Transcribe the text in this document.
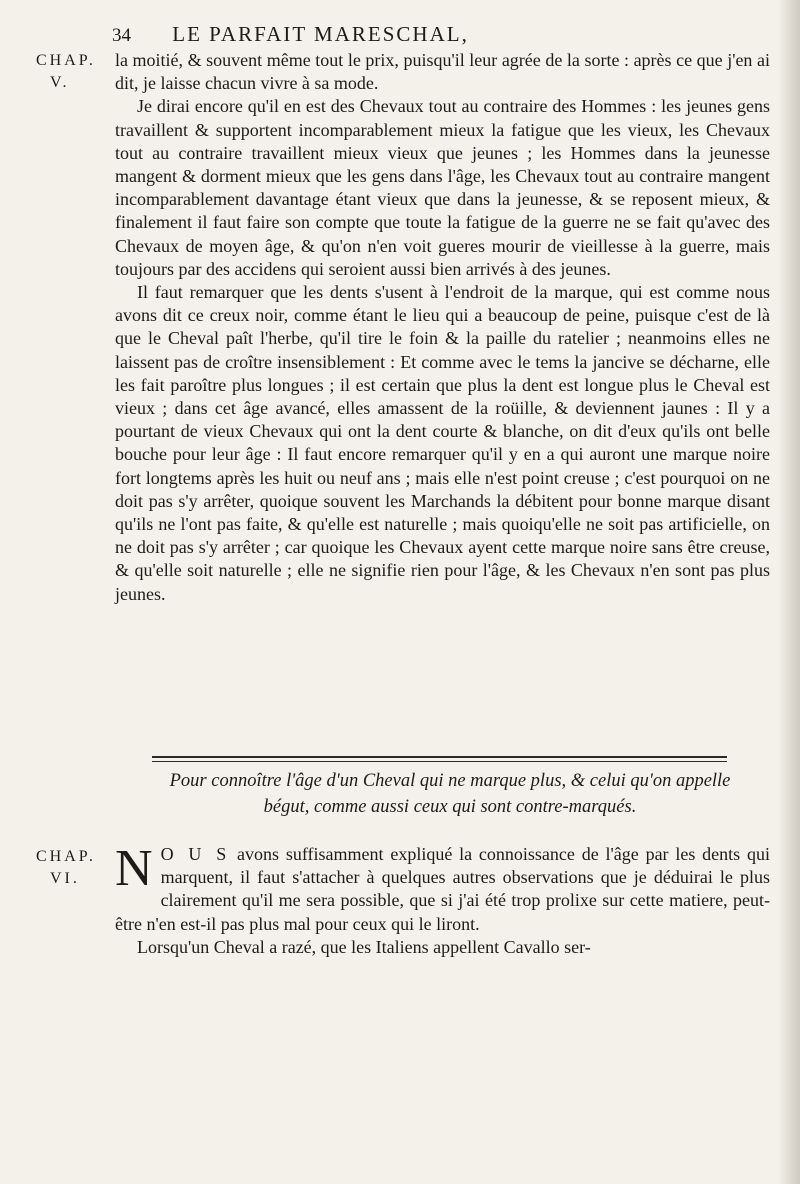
34 LE PARFAIT MARESCHAL,
CHAP.
V.

la moitié, & souvent même tout le prix, puisqu'il leur agrée de la sorte : après ce que j'en ai dit, je laisse chacun vivre à sa mode.

Je dirai encore qu'il en est des Chevaux tout au contraire des Hommes : les jeunes gens travaillent & supportent incomparablement mieux la fatigue que les vieux, les Chevaux tout au contraire travaillent mieux vieux que jeunes ; les Hommes dans la jeunesse mangent & dorment mieux que les gens dans l'âge, les Chevaux tout au contraire mangent incomparablement davantage étant vieux que dans la jeunesse, & se reposent mieux, & finalement il faut faire son compte que toute la fatigue de la guerre ne se fait qu'avec des Chevaux de moyen âge, & qu'on n'en voit gueres mourir de vieillesse à la guerre, mais toujours par des accidens qui seroient aussi bien arrivés à des jeunes.

Il faut remarquer que les dents s'usent à l'endroit de la marque, qui est comme nous avons dit ce creux noir, comme étant le lieu qui a beaucoup de peine, puisque c'est de là que le Cheval paît l'herbe, qu'il tire le foin & la paille du ratelier ; neanmoins elles ne laissent pas de croître insensiblement : Et comme avec le tems la jancive se décharne, elle les fait paroître plus longues ; il est certain que plus la dent est longue plus le Cheval est vieux ; dans cet âge avancé, elles amassent de la roüille, & deviennent jaunes : Il y a pourtant de vieux Chevaux qui ont la dent courte & blanche, on dit d'eux qu'ils ont belle bouche pour leur âge : Il faut encore remarquer qu'il y en a qui auront une marque noire fort longtems après les huit ou neuf ans ; mais elle n'est point creuse ; c'est pourquoi on ne doit pas s'y arrêter, quoique souvent les Marchands la débitent pour bonne marque disant qu'ils ne l'ont pas faite, & qu'elle est naturelle ; mais quoiqu'elle ne soit pas artificielle, on ne doit pas s'y arrêter ; car quoique les Chevaux ayent cette marque noire sans être creuse, & qu'elle soit naturelle ; elle ne signifie rien pour l'âge, & les Chevaux n'en sont pas plus jeunes.

Pour connoître l'âge d'un Cheval qui ne marque plus, & celui qu'on appelle bégut, comme aussi ceux qui sont contre-marqués.
CHAP.
VI. N O U S avons suffisamment expliqué la connoissance de l'âge par les dents qui marquent, il faut s'attacher à quelques autres observations que je déduirai le plus clairement qu'il me sera possible, que si j'ai été trop prolixe sur cette matiere, peut-être n'en est-il pas plus mal pour ceux qui le liront.

Lorsqu'un Cheval a razé, que les Italiens appellent Cavallo ser-
